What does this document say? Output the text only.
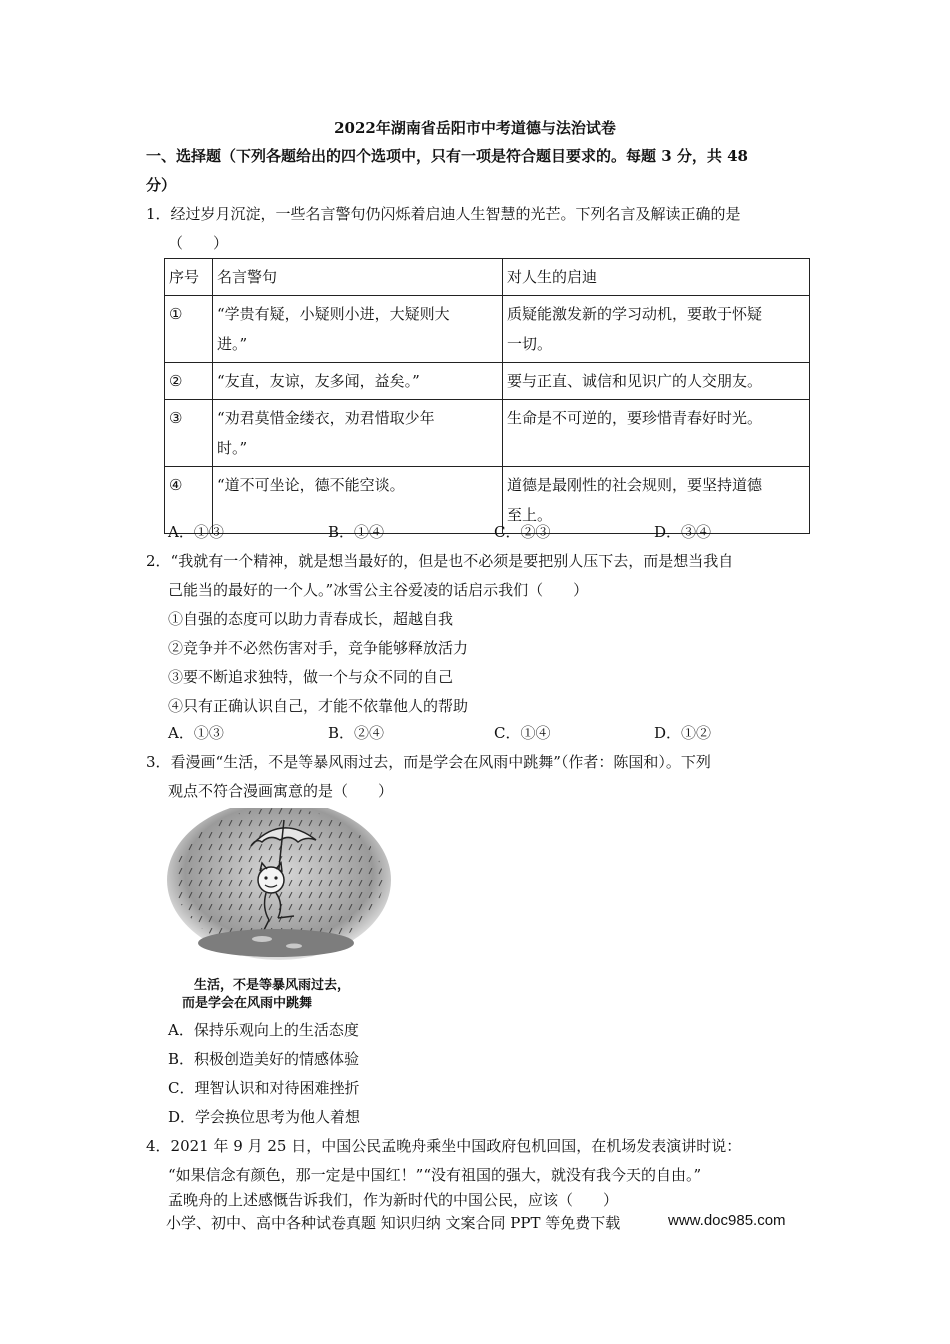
2022年湖南省岳阳市中考道德与法治试卷
一、选择题（下列各题给出的四个选项中，只有一项是符合题目要求的。每题 3 分，共 48
分）
1．经过岁月沉淀，一些名言警句仍闪烁着启迪人生智慧的光芒。下列名言及解读正确的是
（　　）
序号	名言警句	对人生的启迪
①	“学贵有疑，小疑则小进，大疑则大
进。”	质疑能激发新的学习动机，要敢于怀疑
一切。
②	“友直，友谅，友多闻，益矣。”	要与正直、诚信和见识广的人交朋友。
③	“劝君莫惜金缕衣，劝君惜取少年
时。”	生命是不可逆的，要珍惜青春好时光。
④	“道不可坐论，德不能空谈。	道德是最刚性的社会规则，要坚持道德
至上。
A．①③	B．①④	C．②③	D．③④
2．“我就有一个精神，就是想当最好的，但是也不必须是要把别人压下去，而是想当我自
己能当的最好的一个人。”冰雪公主谷爱凌的话启示我们（　　）
①自强的态度可以助力青春成长，超越自我
②竞争并不必然伤害对手，竞争能够释放活力
③要不断追求独特，做一个与众不同的自己
④只有正确认识自己，才能不依靠他人的帮助
A．①③	B．②④	C．①④	D．①②
3．看漫画“生活，不是等暴风雨过去，而是学会在风雨中跳舞”（作者：陈国和）。下列
观点不符合漫画寓意的是（　　）
生活，不是等暴风雨过去，
而是学会在风雨中跳舞
A．保持乐观向上的生活态度
B．积极创造美好的情感体验
C．理智认识和对待困难挫折
D．学会换位思考为他人着想
4．2021 年 9 月 25 日，中国公民孟晚舟乘坐中国政府包机回国，在机场发表演讲时说：
“如果信念有颜色，那一定是中国红！”“没有祖国的强大，就没有我今天的自由。”
孟晚舟的上述感慨告诉我们，作为新时代的中国公民，应该（　　）
小学、初中、高中各种试卷真题 知识归纳 文案合同 PPT 等免费下载	www.doc985.com
